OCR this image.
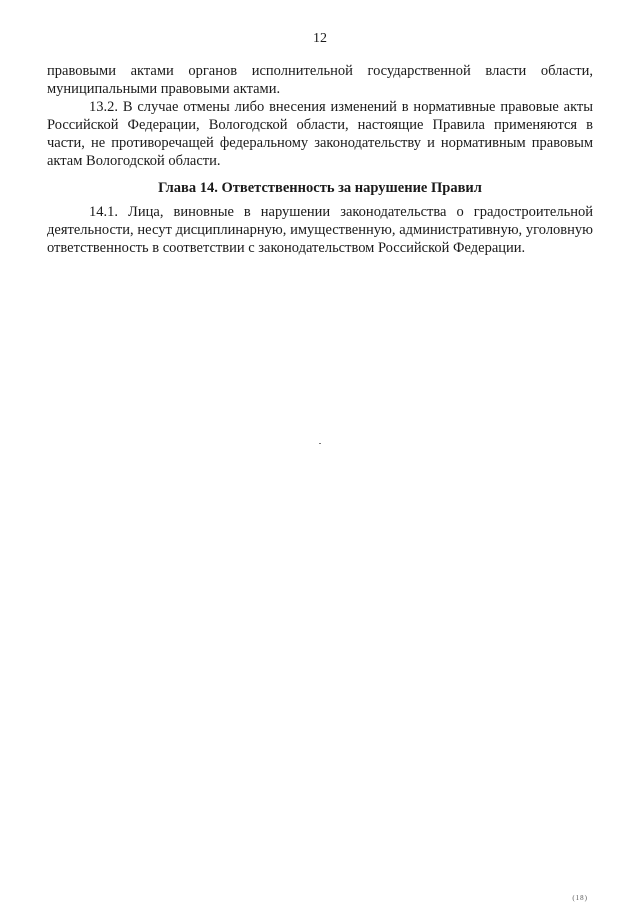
12

правовыми актами органов исполнительной государственной власти области, муниципальными правовыми актами.

13.2. В случае отмены либо внесения изменений в нормативные правовые акты Российской Федерации, Вологодской области, настоящие Правила применяются в части, не противоречащей федеральному законодательству и нормативным правовым актам Вологодской области.

Глава 14. Ответственность за нарушение Правил

14.1. Лица, виновные в нарушении законодательства о градостроительной деятельности, несут дисциплинарную, имущественную, административную, уголовную ответственность в соответствии с законодательством Российской Федерации.

(18)
